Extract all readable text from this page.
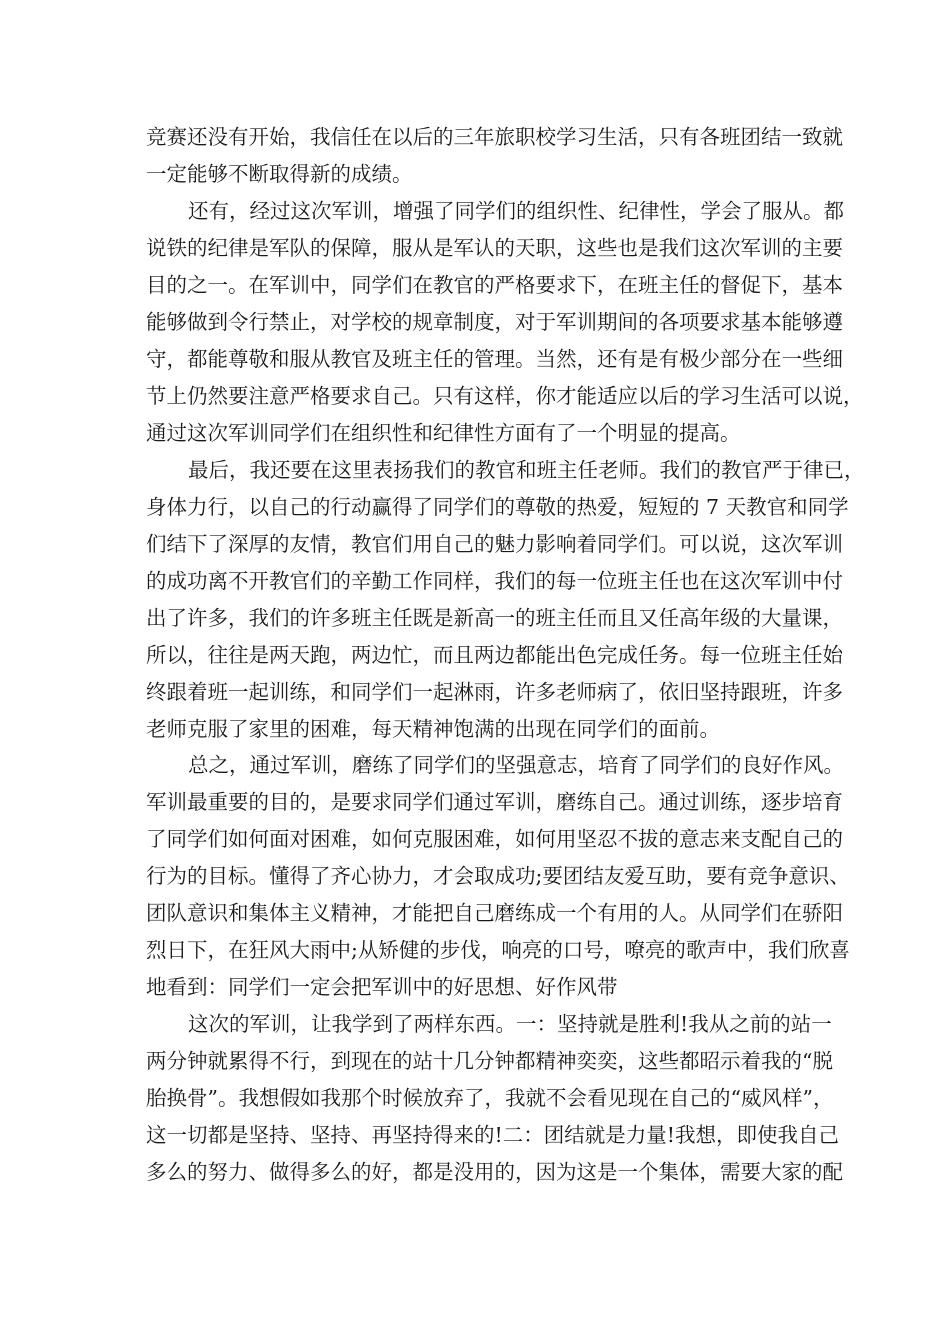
竞赛还没有开始，我信任在以后的三年旅职校学习生活，只有各班团结一致就
一定能够不断取得新的成绩。
还有，经过这次军训，增强了同学们的组织性、纪律性，学会了服从。都
说铁的纪律是军队的保障，服从是军认的天职，这些也是我们这次军训的主要
目的之一。在军训中，同学们在教官的严格要求下，在班主任的督促下，基本
能够做到令行禁止，对学校的规章制度，对于军训期间的各项要求基本能够遵
守，都能尊敬和服从教官及班主任的管理。当然，还有是有极少部分在一些细
节上仍然要注意严格要求自己。只有这样，你才能适应以后的学习生活可以说，
通过这次军训同学们在组织性和纪律性方面有了一个明显的提高。
最后，我还要在这里表扬我们的教官和班主任老师。我们的教官严于律已，
身体力行，以自己的行动赢得了同学们的尊敬的热爱，短短的 7 天教官和同学
们结下了深厚的友情，教官们用自己的魅力影响着同学们。可以说，这次军训
的成功离不开教官们的辛勤工作同样，我们的每一位班主任也在这次军训中付
出了许多，我们的许多班主任既是新高一的班主任而且又任高年级的大量课，
所以，往往是两天跑，两边忙，而且两边都能出色完成任务。每一位班主任始
终跟着班一起训练，和同学们一起淋雨，许多老师病了，依旧坚持跟班，许多
老师克服了家里的困难，每天精神饱满的出现在同学们的面前。
总之，通过军训，磨练了同学们的坚强意志，培育了同学们的良好作风。
军训最重要的目的，是要求同学们通过军训，磨练自己。通过训练，逐步培育
了同学们如何面对困难，如何克服困难，如何用坚忍不拔的意志来支配自己的
行为的目标。懂得了齐心协力，才会取成功;要团结友爱互助，要有竞争意识、
团队意识和集体主义精神，才能把自己磨练成一个有用的人。从同学们在骄阳
烈日下，在狂风大雨中;从矫健的步伐，响亮的口号，嘹亮的歌声中，我们欣喜
地看到：同学们一定会把军训中的好思想、好作风带
这次的军训，让我学到了两样东西。一：坚持就是胜利!我从之前的站一
两分钟就累得不行，到现在的站十几分钟都精神奕奕，这些都昭示着我的“脱
胎换骨”。我想假如我那个时候放弃了，我就不会看见现在自己的“威风样”，
这一切都是坚持、坚持、再坚持得来的!二：团结就是力量!我想，即使我自己
多么的努力、做得多么的好，都是没用的，因为这是一个集体，需要大家的配
